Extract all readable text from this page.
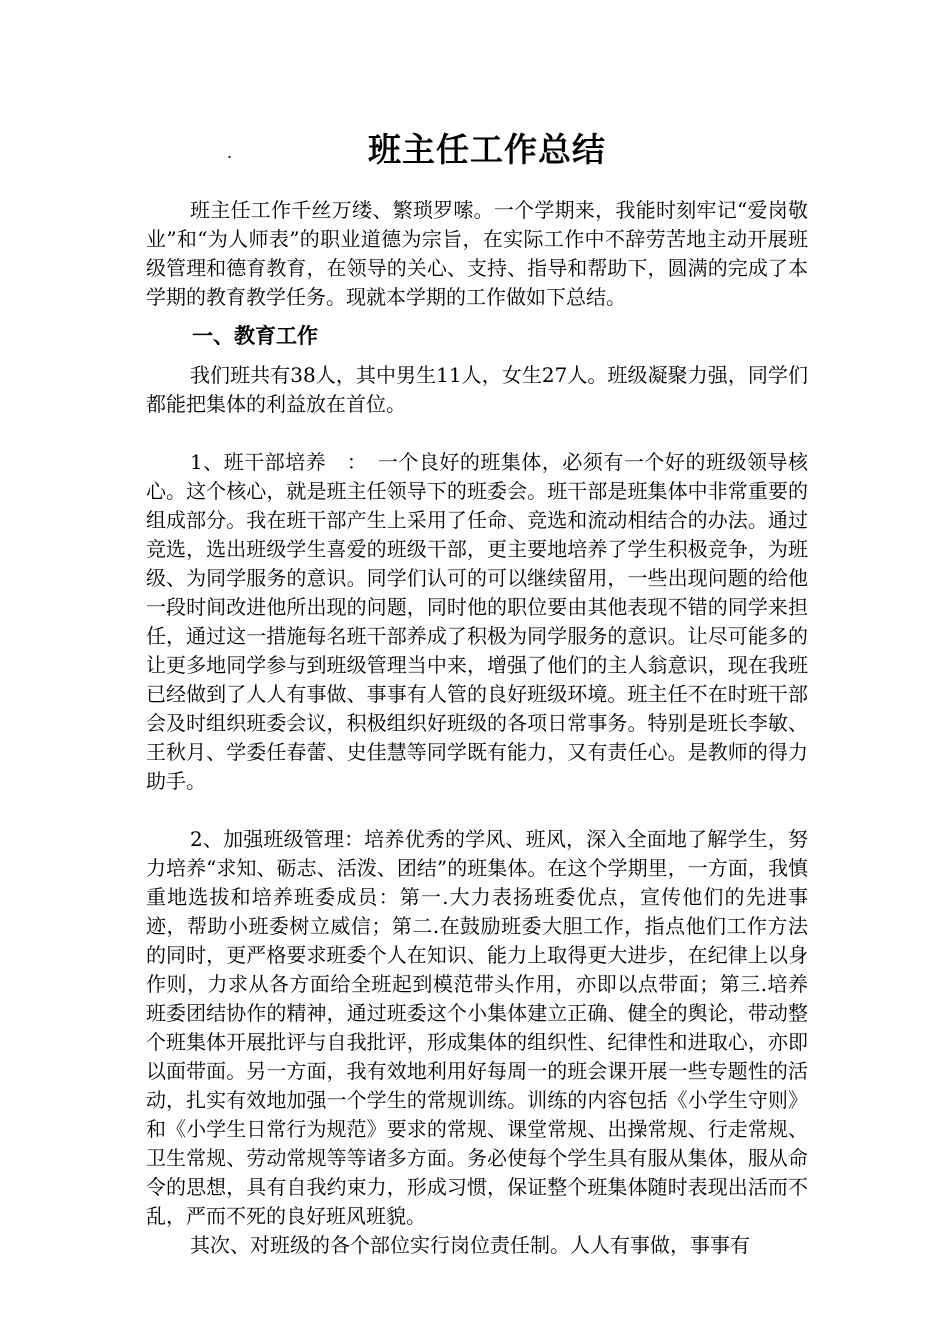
.	班主任工作总结

班主任工作千丝万缕、繁琐罗嗦。一个学期来，我能时刻牢记“爱岗敬业”和“为人师表”的职业道德为宗旨，在实际工作中不辞劳苦地主动开展班级管理和德育教育，在领导的关心、支持、指导和帮助下，圆满的完成了本学期的教育教学任务。现就本学期的工作做如下总结。

一、教育工作

我们班共有38人，其中男生11人，女生27人。班级凝聚力强，同学们都能把集体的利益放在首位。

1、班干部培养　：　一个良好的班集体，必须有一个好的班级领导核心。这个核心，就是班主任领导下的班委会。班干部是班集体中非常重要的组成部分。我在班干部产生上采用了任命、竞选和流动相结合的办法。通过竞选，选出班级学生喜爱的班级干部，更主要地培养了学生积极竞争，为班级、为同学服务的意识。同学们认可的可以继续留用，一些出现问题的给他一段时间改进他所出现的问题，同时他的职位要由其他表现不错的同学来担任，通过这一措施每名班干部养成了积极为同学服务的意识。让尽可能多的让更多地同学参与到班级管理当中来，增强了他们的主人翁意识，现在我班已经做到了人人有事做、事事有人管的良好班级环境。班主任不在时班干部会及时组织班委会议，积极组织好班级的各项日常事务。特别是班长李敏、王秋月、学委任春蕾、史佳慧等同学既有能力，又有责任心。是教师的得力助手。

2、加强班级管理：培养优秀的学风、班风，深入全面地了解学生，努力培养“求知、砺志、活泼、团结”的班集体。在这个学期里，一方面，我慎重地选拔和培养班委成员：第一.大力表扬班委优点，宣传他们的先进事迹，帮助小班委树立威信；第二.在鼓励班委大胆工作，指点他们工作方法的同时，更严格要求班委个人在知识、能力上取得更大进步，在纪律上以身作则，力求从各方面给全班起到模范带头作用，亦即以点带面；第三.培养班委团结协作的精神，通过班委这个小集体建立正确、健全的舆论，带动整个班集体开展批评与自我批评，形成集体的组织性、纪律性和进取心，亦即以面带面。另一方面，我有效地利用好每周一的班会课开展一些专题性的活动，扎实有效地加强一个学生的常规训练。训练的内容包括《小学生守则》和《小学生日常行为规范》要求的常规、课堂常规、出操常规、行走常规、卫生常规、劳动常规等等诸多方面。务必使每个学生具有服从集体，服从命令的思想，具有自我约束力，形成习惯，保证整个班集体随时表现出活而不乱，严而不死的良好班风班貌。

其次、对班级的各个部位实行岗位责任制。人人有事做，事事有
